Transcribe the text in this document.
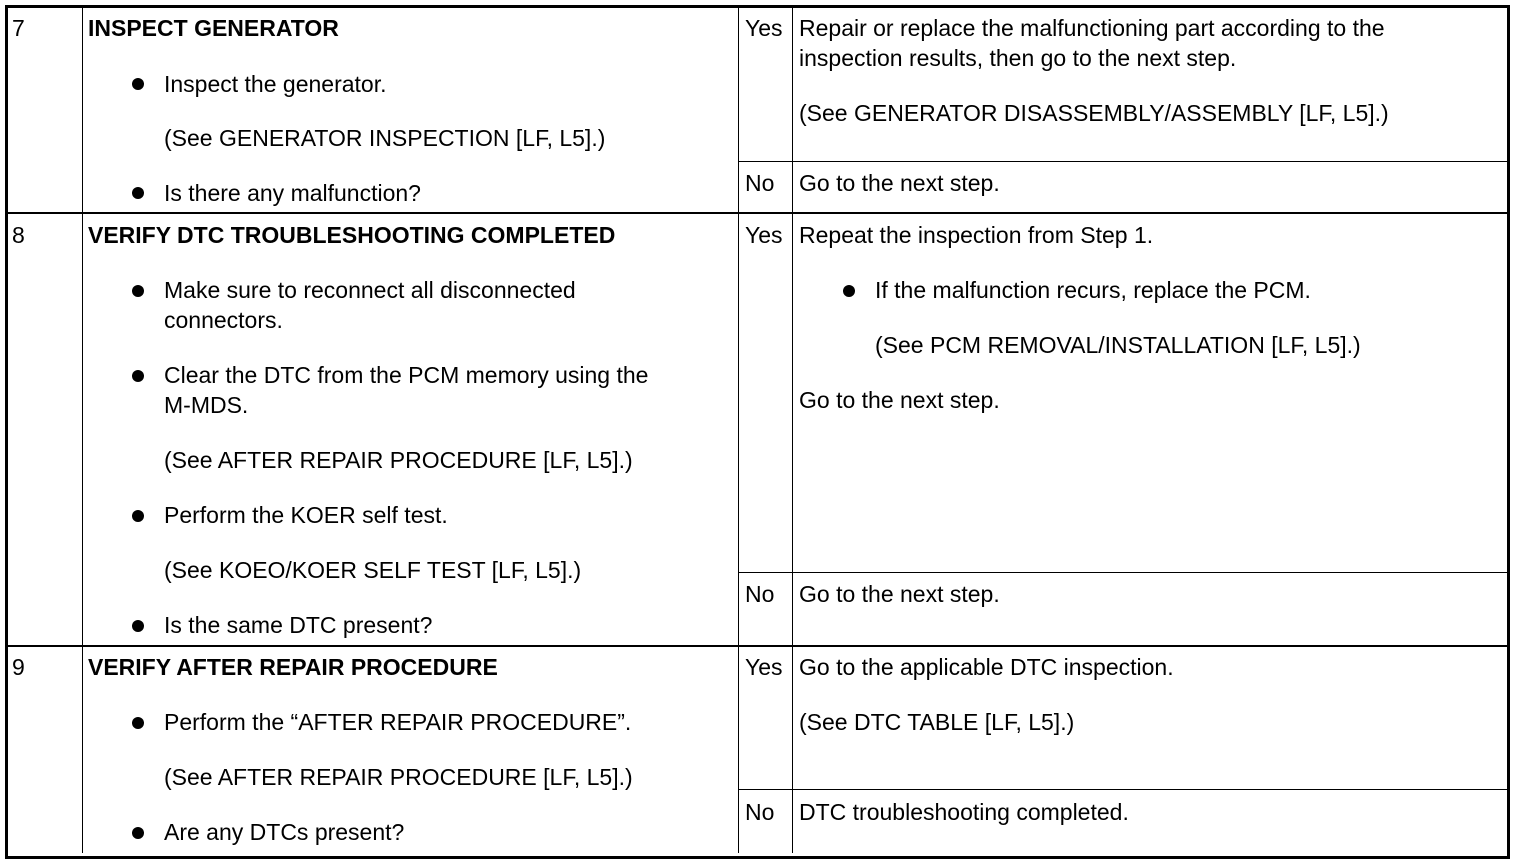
7	INSPECT GENERATOR
Inspect the generator.
(See GENERATOR INSPECTION [LF, L5].)
Is there any malfunction?
Yes Repair or replace the malfunctioning part according to the
inspection results, then go to the next step.
(See GENERATOR DISASSEMBLY/ASSEMBLY [LF, L5].)
No Go to the next step.
8	VERIFY DTC TROUBLESHOOTING COMPLETED
Make sure to reconnect all disconnected
connectors.
Clear the DTC from the PCM memory using the
M-MDS.
(See AFTER REPAIR PROCEDURE [LF, L5].)
Perform the KOER self test.
(See KOEO/KOER SELF TEST [LF, L5].)
Is the same DTC present?
Yes Repeat the inspection from Step 1.
If the malfunction recurs, replace the PCM.
(See PCM REMOVAL/INSTALLATION [LF, L5].)
Go to the next step.
No Go to the next step.
9	VERIFY AFTER REPAIR PROCEDURE
Perform the “AFTER REPAIR PROCEDURE”.
(See AFTER REPAIR PROCEDURE [LF, L5].)
Are any DTCs present?
Yes Go to the applicable DTC inspection.
(See DTC TABLE [LF, L5].)
No DTC troubleshooting completed.
